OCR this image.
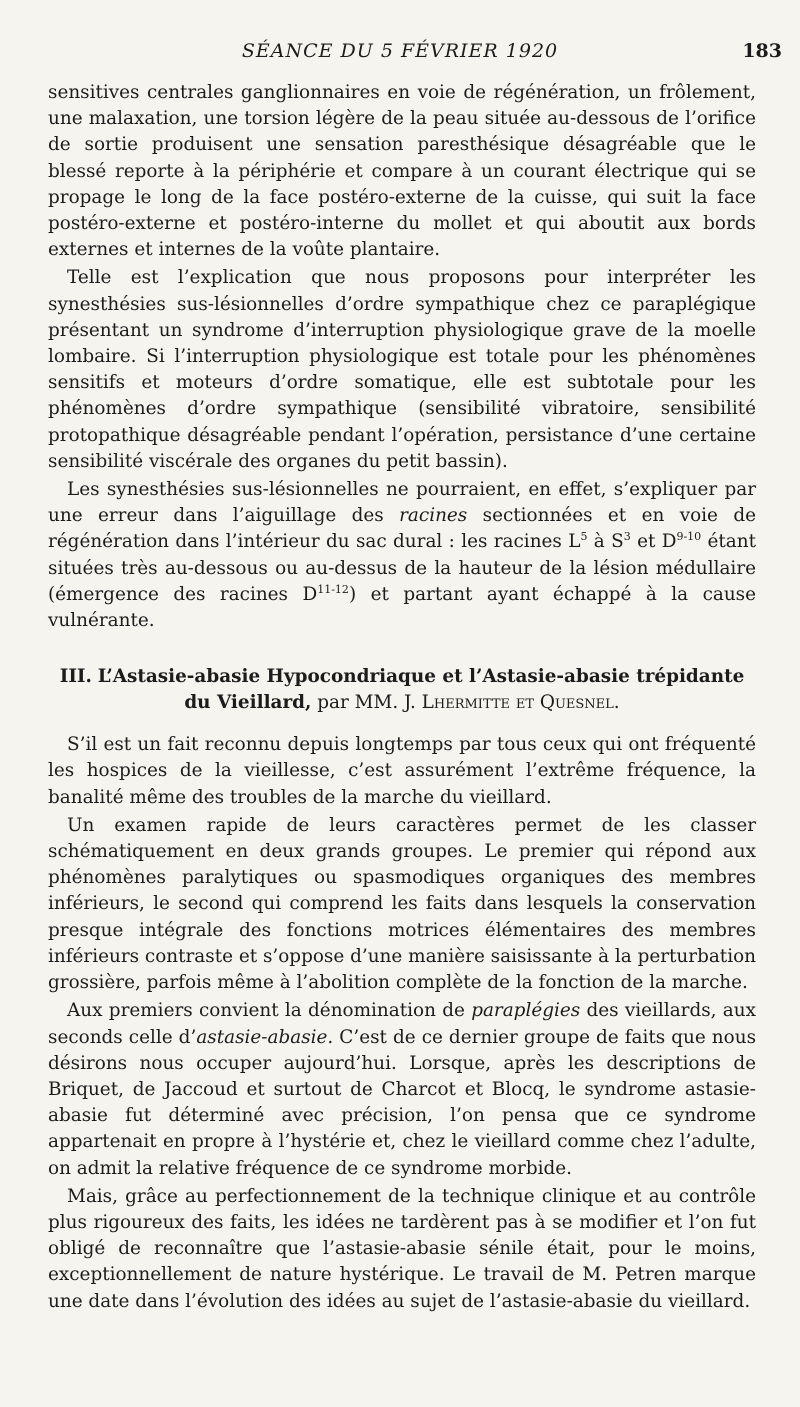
SÉANCE DU 5 FÉVRIER 1920	183

sensitives centrales ganglionnaires en voie de régénération, un frôlement, une malaxation, une torsion légère de la peau située au-dessous de l’orifice de sortie produisent une sensation paresthésique désagréable que le blessé reporte à la périphérie et compare à un courant électrique qui se propage le long de la face postéro-externe de la cuisse, qui suit la face postéro-externe et postéro-interne du mollet et qui aboutit aux bords externes et internes de la voûte plantaire.

Telle est l’explication que nous proposons pour interpréter les synesthésies sus-lésionnelles d’ordre sympathique chez ce paraplégique présentant un syndrome d’interruption physiologique grave de la moelle lombaire. Si l’interruption physiologique est totale pour les phénomènes sensitifs et moteurs d’ordre somatique, elle est subtotale pour les phénomènes d’ordre sympathique (sensibilité vibratoire, sensibilité protopathique désagréable pendant l’opération, persistance d’une certaine sensibilité viscérale des organes du petit bassin).

Les synesthésies sus-lésionnelles ne pourraient, en effet, s’expliquer par une erreur dans l’aiguillage des racines sectionnées et en voie de régénération dans l’intérieur du sac dural : les racines $L^5$ à $S^3$ et $D^{9-10}$ étant situées très au-dessous ou au-dessus de la hauteur de la lésion médullaire (émergence des racines $D^{11-12}$) et partant ayant échappé à la cause vulnérante.

III. L’Astasie-abasie Hypocondriaque et l’Astasie-abasie trépidante du Vieillard, par MM. J. Lhermitte et Quesnel.

S’il est un fait reconnu depuis longtemps par tous ceux qui ont fréquenté les hospices de la vieillesse, c’est assurément l’extrême fréquence, la banalité même des troubles de la marche du vieillard.

Un examen rapide de leurs caractères permet de les classer schématiquement en deux grands groupes. Le premier qui répond aux phénomènes paralytiques ou spasmodiques organiques des membres inférieurs, le second qui comprend les faits dans lesquels la conservation presque intégrale des fonctions motrices élémentaires des membres inférieurs contraste et s’oppose d’une manière saisissante à la perturbation grossière, parfois même à l’abolition complète de la fonction de la marche.

Aux premiers convient la dénomination de paraplégies des vieillards, aux seconds celle d’astasie-abasie. C’est de ce dernier groupe de faits que nous désirons nous occuper aujourd’hui. Lorsque, après les descriptions de Briquet, de Jaccoud et surtout de Charcot et Blocq, le syndrome astasie-abasie fut déterminé avec précision, l’on pensa que ce syndrome appartenait en propre à l’hystérie et, chez le vieillard comme chez l’adulte, on admit la relative fréquence de ce syndrome morbide.

Mais, grâce au perfectionnement de la technique clinique et au contrôle plus rigoureux des faits, les idées ne tardèrent pas à se modifier et l’on fut obligé de reconnaître que l’astasie-abasie sénile était, pour le moins, exceptionnellement de nature hystérique. Le travail de M. Petren marque une date dans l’évolution des idées au sujet de l’astasie-abasie du vieillard.
